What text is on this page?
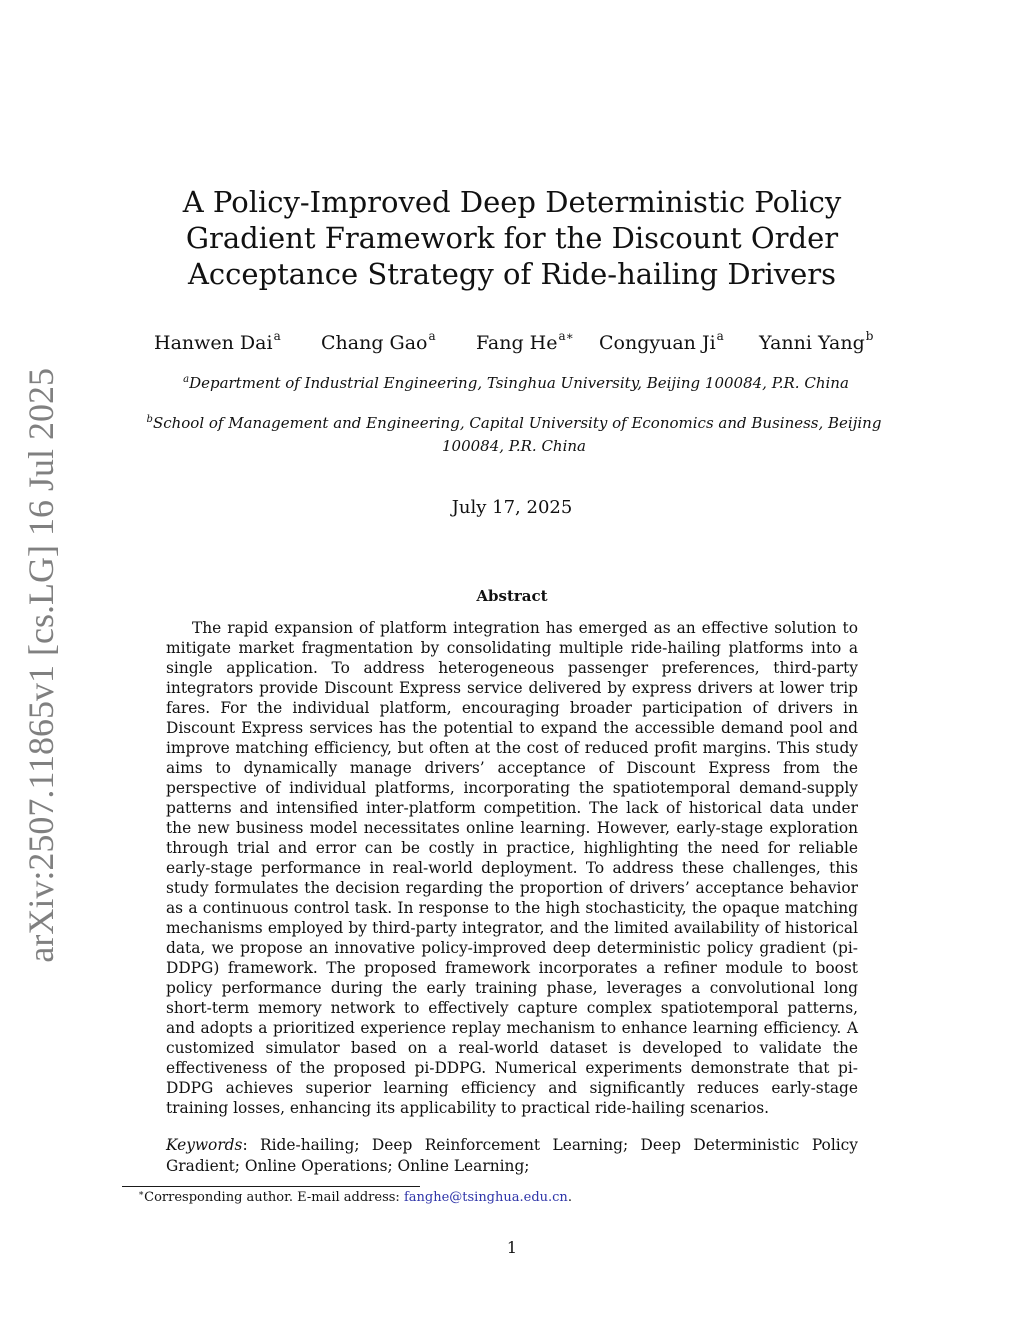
arXiv:2507.11865v1 [cs.LG] 16 Jul 2025
A Policy-Improved Deep Deterministic Policy Gradient Framework for the Discount Order Acceptance Strategy of Ride-hailing Drivers
Hanwen Dai$^a$ Chang Gao$^a$ Fang $He^{a∗}$ Congyuan Ji$^a$ Yanni Yang$^b$
$^a$Department of Industrial Engineering, Tsinghua University, Beijing 100084, P.R. China
$^b$School of Management and Engineering, Capital University of Economics and Business, Beijing 100084, P.R. China
July 17, 2025
Abstract

The rapid expansion of platform integration has emerged as an effective solution to mitigate market fragmentation by consolidating multiple ride-hailing platforms into a single application. To address heterogeneous passenger preferences, third-party integrators provide Discount Express service delivered by express drivers at lower trip fares. For the individual platform, encouraging broader participation of drivers in Discount Express services has the potential to expand the accessible demand pool and improve matching efficiency, but often at the cost of reduced profit margins. This study aims to dynamically manage drivers’ acceptance of Discount Express from the perspective of individual platforms, incorporating the spatiotemporal demand-supply patterns and intensified inter-platform competition. The lack of historical data under the new business model necessitates online learning. However, early-stage exploration through trial and error can be costly in practice, highlighting the need for reliable early-stage performance in real-world deployment. To address these challenges, this study formulates the decision regarding the proportion of drivers’ acceptance behavior as a continuous control task. In response to the high stochasticity, the opaque matching mechanisms employed by third-party integrator, and the limited availability of historical data, we propose an innovative policy-improved deep deterministic policy gradient (pi-DDPG) framework. The proposed framework incorporates a refiner module to boost policy performance during the early training phase, leverages a convolutional long short-term memory network to effectively capture complex spatiotemporal patterns, and adopts a prioritized experience replay mechanism to enhance learning efficiency. A customized simulator based on a real-world dataset is developed to validate the effectiveness of the proposed pi-DDPG. Numerical experiments demonstrate that pi-DDPG achieves superior learning efficiency and significantly reduces early-stage training losses, enhancing its applicability to practical ride-hailing scenarios.

Keywords: Ride-hailing; Deep Reinforcement Learning; Deep Deterministic Policy Gradient; Online Operations; Online Learning;

∗Corresponding author. E-mail address: fanghe@tsinghua.edu.cn.

1
